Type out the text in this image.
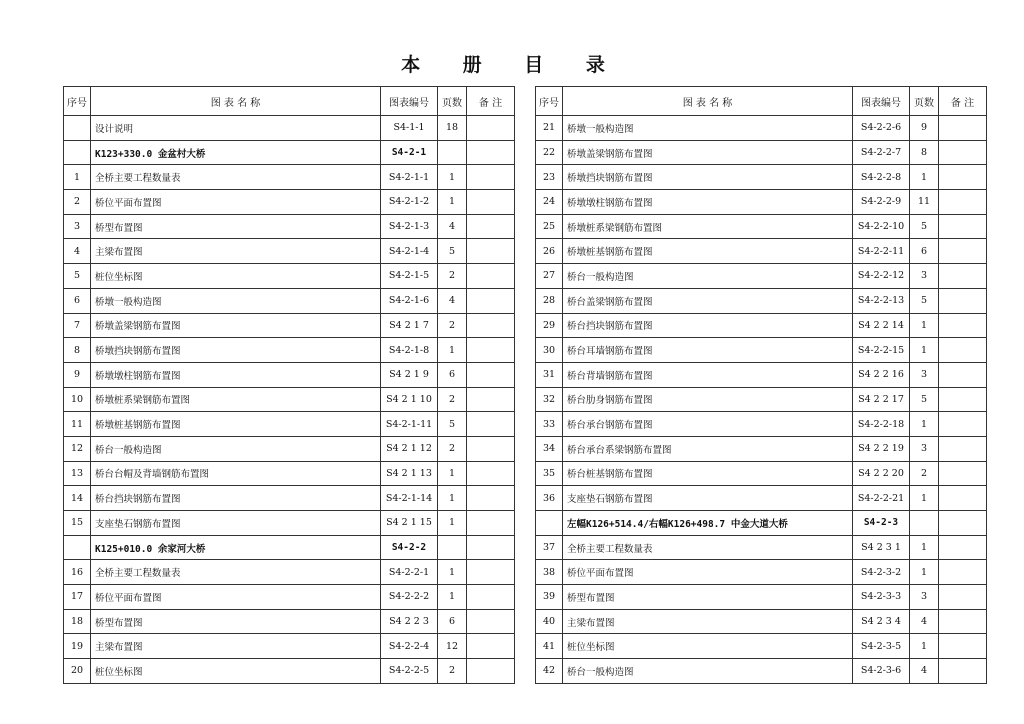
本 册 目 录
序号	图 表 名 称	图表编号	页数	备 注
	设计说明	S4-1-1	18	
	K123+330.0 金盆村大桥	S4-2-1		
1	全桥主要工程数量表	S4-2-1-1	1	
2	桥位平面布置图	S4-2-1-2	1	
3	桥型布置图	S4-2-1-3	4	
4	主梁布置图	S4-2-1-4	5	
5	桩位坐标图	S4-2-1-5	2	
6	桥墩一般构造图	S4-2-1-6	4	
7	桥墩盖梁钢筋布置图	S4 2 1 7	2	
8	桥墩挡块钢筋布置图	S4-2-1-8	1	
9	桥墩墩柱钢筋布置图	S4 2 1 9	6	
10	桥墩桩系梁钢筋布置图	S4 2 1 10	2	
11	桥墩桩基钢筋布置图	S4-2-1-11	5	
12	桥台一般构造图	S4 2 1 12	2	
13	桥台台帽及背墙钢筋布置图	S4 2 1 13	1	
14	桥台挡块钢筋布置图	S4-2-1-14	1	
15	支座垫石钢筋布置图	S4 2 1 15	1	
	K125+010.0 余家河大桥	S4-2-2		
16	全桥主要工程数量表	S4-2-2-1	1	
17	桥位平面布置图	S4-2-2-2	1	
18	桥型布置图	S4 2 2 3	6	
19	主梁布置图	S4-2-2-4	12	
20	桩位坐标图	S4-2-2-5	2	
序号	图 表 名 称	图表编号	页数	备 注
21	桥墩一般构造图	S4-2-2-6	9	
22	桥墩盖梁钢筋布置图	S4-2-2-7	8	
23	桥墩挡块钢筋布置图	S4-2-2-8	1	
24	桥墩墩柱钢筋布置图	S4-2-2-9	11	
25	桥墩桩系梁钢筋布置图	S4-2-2-10	5	
26	桥墩桩基钢筋布置图	S4-2-2-11	6	
27	桥台一般构造图	S4-2-2-12	3	
28	桥台盖梁钢筋布置图	S4-2-2-13	5	
29	桥台挡块钢筋布置图	S4 2 2 14	1	
30	桥台耳墙钢筋布置图	S4-2-2-15	1	
31	桥台背墙钢筋布置图	S4 2 2 16	3	
32	桥台肋身钢筋布置图	S4 2 2 17	5	
33	桥台承台钢筋布置图	S4-2-2-18	1	
34	桥台承台系梁钢筋布置图	S4 2 2 19	3	
35	桥台桩基钢筋布置图	S4 2 2 20	2	
36	支座垫石钢筋布置图	S4-2-2-21	1	
	左幅K126+514.4/右幅K126+498.7 中金大道大桥	S4-2-3		
37	全桥主要工程数量表	S4 2 3 1	1	
38	桥位平面布置图	S4-2-3-2	1	
39	桥型布置图	S4-2-3-3	3	
40	主梁布置图	S4 2 3 4	4	
41	桩位坐标图	S4-2-3-5	1	
42	桥台一般构造图	S4-2-3-6	4	
